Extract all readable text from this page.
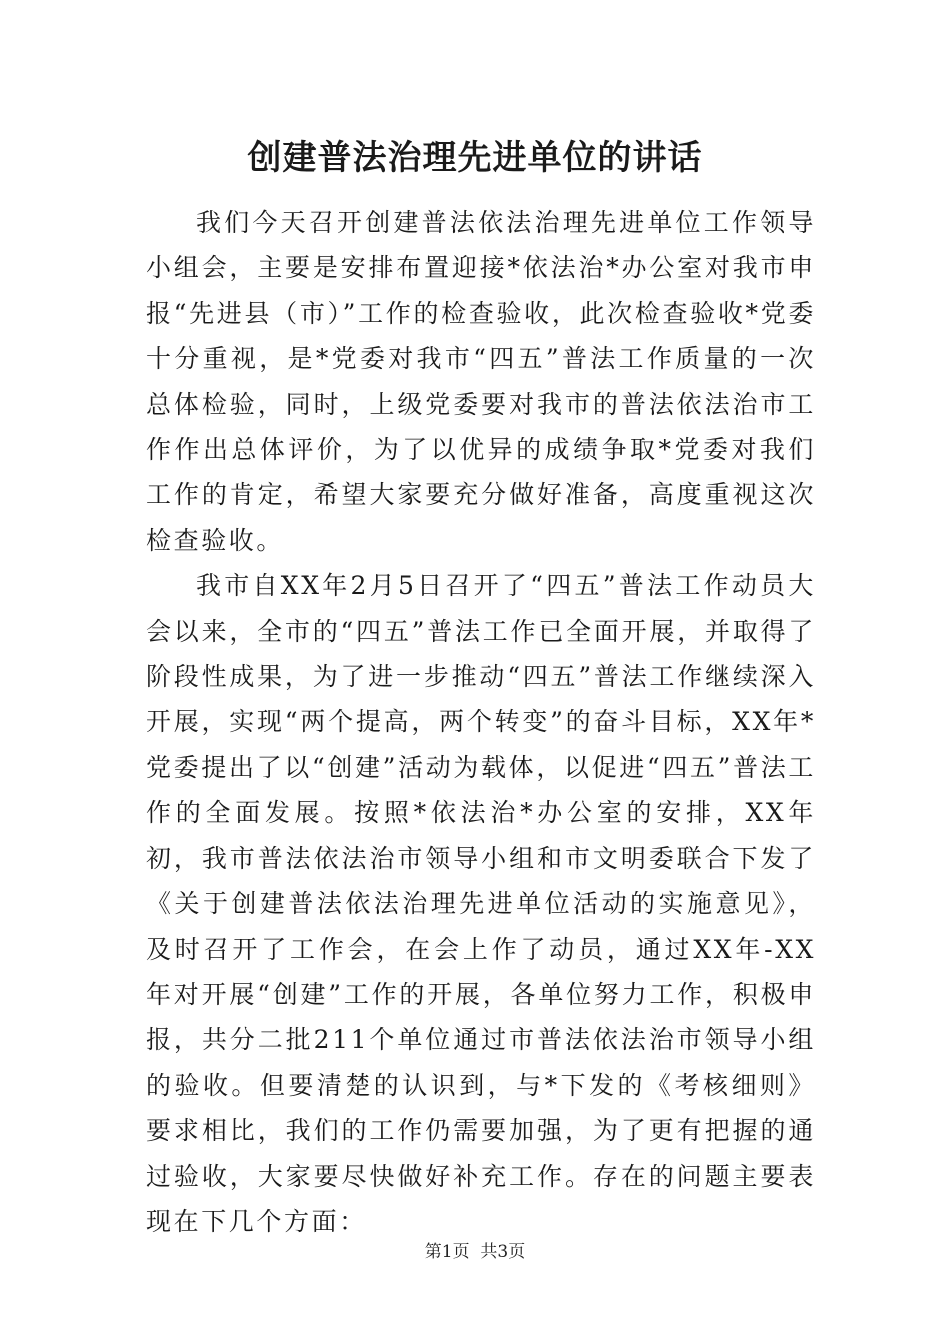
创建普法治理先进单位的讲话

我们今天召开创建普法依法治理先进单位工作领导小组会，主要是安排布置迎接*依法治*办公室对我市申报“先进县（市）”工作的检查验收，此次检查验收*党委十分重视，是*党委对我市“四五”普法工作质量的一次总体检验，同时，上级党委要对我市的普法依法治市工作作出总体评价，为了以优异的成绩争取*党委对我们工作的肯定，希望大家要充分做好准备，高度重视这次检查验收。

我市自XX年2月5日召开了“四五”普法工作动员大会以来，全市的“四五”普法工作已全面开展，并取得了阶段性成果，为了进一步推动“四五”普法工作继续深入开展，实现“两个提高，两个转变”的奋斗目标，XX年*党委提出了以“创建”活动为载体，以促进“四五”普法工作的全面发展。按照*依法治*办公室的安排，XX年初，我市普法依法治市领导小组和市文明委联合下发了《关于创建普法依法治理先进单位活动的实施意见》，及时召开了工作会，在会上作了动员，通过XX年-XX年对开展“创建”工作的开展，各单位努力工作，积极申报，共分二批211个单位通过市普法依法治市领导小组的验收。但要清楚的认识到，与*下发的《考核细则》要求相比，我们的工作仍需要加强，为了更有把握的通过验收，大家要尽快做好补充工作。存在的问题主要表现在下几个方面：

第1页 共3页
